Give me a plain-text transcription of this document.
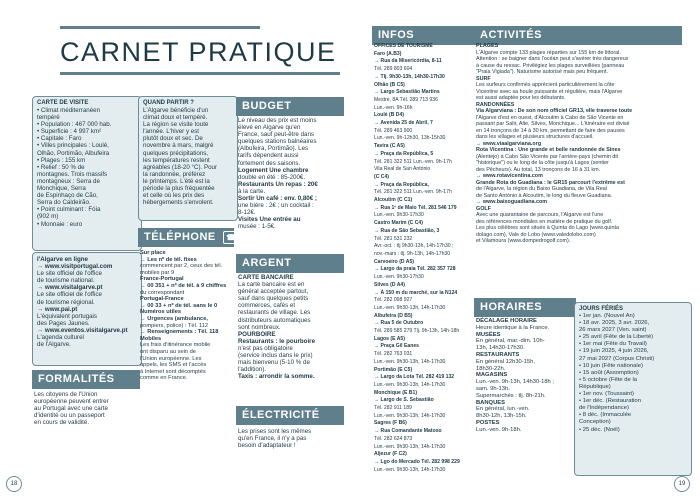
CARNET PRATIQUE
CARTE DE VISITE
• Climat méditerranéen
tempéré
• Population : 467 000 hab.
• Superficie : 4 997 km²
• Capitale : Faro
• Villes principales : Loulé,
Olhão, Portimão, Albufeira
• Plages : 155 km
• Relief : 50 % de
montagnes. Trois massifs
montagneux : Serra de
Monchique, Serra
de Espinhaço de Cão,
Serra do Caldeirão.
• Point culminant : Fóia
(902 m)
• Monnaie : euro
l'Algarve en ligne
→ www.visitportugal.com
Le site officiel de l'office
de tourisme national.
→ www.visitalgarve.pt
Le site officiel de l'office
de tourisme régional.
→ www.pai.pt
L'équivalent portugais
des Pages Jaunes.
→ www.eventos.visitalgarve.pt
L'agenda culturel
de l'Algarve.
FORMALITÉS
Les citoyens de l'Union
européenne peuvent entrer
au Portugal avec une carte
d'identité ou un passeport
en cours de validité.
QUAND PARTIR ?
L'Algarve bénéficie d'un
climat doux et tempéré.
La région se visite toute
l'année. L'hiver y est
plutôt doux et sec. De
novembre à mars, malgré
quelques précipitations,
les températures restent
agréables (18-20 °C). Pour
la randonnée, préférez
le printemps. L'été est la
période la plus fréquentée
et celle où les prix des
hébergements s'envolent.
TÉLÉPHONE ☎
Sur place
→ Les nº de tél. fixes
commencent par 2, ceux des tél.
mobiles par 9
France-Portugal
→ 00 351 + nº de tél. à 9 chiffres
du correspondant
Portugal-France
→ 00 33 + nº de tél. sans le 0
Numéros utiles
→ Urgences (ambulance,
pompiers, police) : Tél. 112
→ Renseignements : Tél. 118
Mobiles
Les frais d'itinérance mobile
ont disparu au sein de
l'Union européenne. Les
appels, les SMS et l'accès
à Internet sont décomptés
comme en France.
BUDGET
Le niveau des prix est moins
élevé en Algarve qu'en
France, sauf peut-être dans
quelques stations balnéaires
(Albufeira, Portimão). Les
tarifs dépendent aussi
fortement des saisons.
Logement Une chambre
double en été : 85-200€.
Restaurants Un repas : 20€
à la carte.
Sortir Un café : env. 0,80€ ;
une bière : 2€ ; un cocktail :
8-12€.
Visites Une entrée au
musée : 1-5€.
ARGENT
CARTE BANCAIRE
La carte bancaire est en
général acceptée partout,
sauf dans quelques petits
commerces, cafés et
restaurants de village. Les
distributeurs automatiques
sont nombreux.
POURBOIRE
Restaurants : le pourboire
n'est pas obligatoire
(service inclus dans le prix)
mais bienvenu (5-10 % de
l'addition).
Taxis : arrondir la somme.
ÉLECTRICITÉ
Les prises sont les mêmes
qu'en France, il n'y a pas
besoin d'adaptateur !
18
INFOS
OFFICES DE TOURISME
Faro (A.B3)
→ Rua da Misericórdia, 8-11
Tél. 289 803 604
→ Tlj. 9h30-13h, 14h30-17h30
Olhão (B C5)
→ Largo Sebastião Martins
Mestre, 8A Tél. 289 713 936
Lun.-ven. 9h-16h
Loulé (B D4)
→ Avenida 25 de Abril, 7
Tél. 289 463 900
Lun.-ven. 9h-12h30, 13h-15h30
Tavira (C A5)
→ Praça da República, 5
Tél. 281 322 511 Lun.-ven. 9h-17h
Vila Real de San António
(C C4)
→ Praça da República,
Tél. 281 322 511 Lun.-ven. 9h-17h
Alcoutim (C C1)
→ Rua 1º de Maio Tél. 281 546 179
Lun.-ven. 9h30-17h30
Castro Marim (C C4)
→ Rua de São Sebastião, 3
Tél. 281 531 232
Avr.-oct. : tlj 9h30-13h, 14h-17h30 ;
nov.-mars : tlj. 9h-13h, 14h-17h30
Carvoeiro (D A5)
→ Largo da praia Tél. 282 357 728
Lun.-ven. 9h30-17h30
Silves (D A4)
→ À 150 m du marché, sur la N124
Tél. 282 098 927
Lun.-ven. 9h30-13h, 14h-17h30
Albufeira (D B5)
→ Rua 5 de Outubro
Tél. 289 585 279 Tlj. 9h-13h, 14h-18h
Lagos (E A5)
→ Praça Gil Eanes
Tél. 282 763 031
Lun.-ven. 9h30-13h, 14h-17h30
Portimão (E C5)
→ Largo da Lota Tél. 282 419 132
Lun.-ven. 9h30-13h, 14h-17h30
Monchique (E B1)
→ Largo de S. Sebastião
Tél. 282 911 189
Lun.-ven. 9h30-13h, 14h-17h30
Sagres (F B6)
→ Rua Comandante Matoso
Tél. 282 624 873
Lun.-ven. 9h30-13h, 14h-17h30
Aljezur (F C2)
→ Lgo do Mercado Tél. 282 998 229
Lun.-ven. 9h30-13h, 14h-17h30
ACTIVITÉS
PLAGES
L'Algarve compte 133 plages réparties sur 155 km de littoral.
Attention : se baigner dans l'océan peut s'avérer très dangereux
à cause du ressac. Privilégiez les plages surveillées (panneau
"Praia Vigiada"). Naturisme autorisé mais peu fréquent.
SURF
Les surfeurs confirmés apprécient particulièrement la côte
Vicentine avec sa houle puissante et régulière, mais l'Algarve
est aussi adaptée pour les débutants.
RANDONNÉES
Via Algarviana : De son nom officiel GR13, elle traverse toute
l'Algarve d'est en ouest, d'Alcoutim à Cabo de São Vicente en
passant par Salir, Alte, Silves, Monchique... L'itinéraire est divisé
en 14 tronçons de 14 à 30 km, permettant de faire des pauses
dans les villages et plusieurs structures d'accueil.
→ www.viaalgarviana.org
Rota Vicentina : Une grande et belle randonnée de Sines
(Alentejo) à Cabo São Vicente par l'arrière-pays (chemin dit
"historique") ou le long de la côte jusqu'à Lagos (sentier
des Pêcheurs). Au total, 13 tronçons de 16 à 31 km.
→ www.rotavicentina.com
Grande Rota do Guadiana : le GR15 parcourt l'extrême est
de l'Algarve, la région du Baixo Guadiana, de Vila Real
de Santo António à Alcoutim, le long du fleuve Guadiana.
→ www.baixoguadiana.com
GOLF
Avec une quarantaine de parcours, l'Algarve est l'une
des références mondiales en matière de pratique du golf.
Les plus célèbres sont situés à Quinta do Lago (www.quinta
dolago.com), Vale do Lobo (www.valedolobo.com)
et Vilamoura (www.dompedrogolf.com).
HORAIRES
DÉCALAGE HORAIRE
Heure identique à la France.
MUSÉES
En général, mar.-dim. 10h-
13h, 14h30-17h30.
RESTAURANTS
En général 12h30-15h,
18h30-22h.
MAGASINS
Lun.-ven. 9h-13h, 14h30-18h ;
sam. 9h-13h.
Supermarchés : tlj. 8h-21h.
BANQUES
En général, lun.-ven.
8h30-12h, 13h-15h.
POSTES
Lun.-ven. 9h-18h.
JOURS FÉRIÉS
• 1er jan. (Nouvel An)
• 18 avr. 2025, 3 avr. 2026,
26 mars 2027 (Ven. saint)
• 25 avril (Fête de la Liberté)
• 1er mai (Fête du Travail)
• 19 juin 2025, 4 juin 2026,
27 mai 2027 (Corpus Christi)
• 10 juin (Fête nationale)
• 15 août (Assomption)
• 5 octobre (Fête de la
République)
• 1er nov. (Toussaint)
• 1er déc. (Restauration
de l'Indépendance)
• 8 déc. (Immaculée
Conception)
• 25 déc. (Noël)
19
